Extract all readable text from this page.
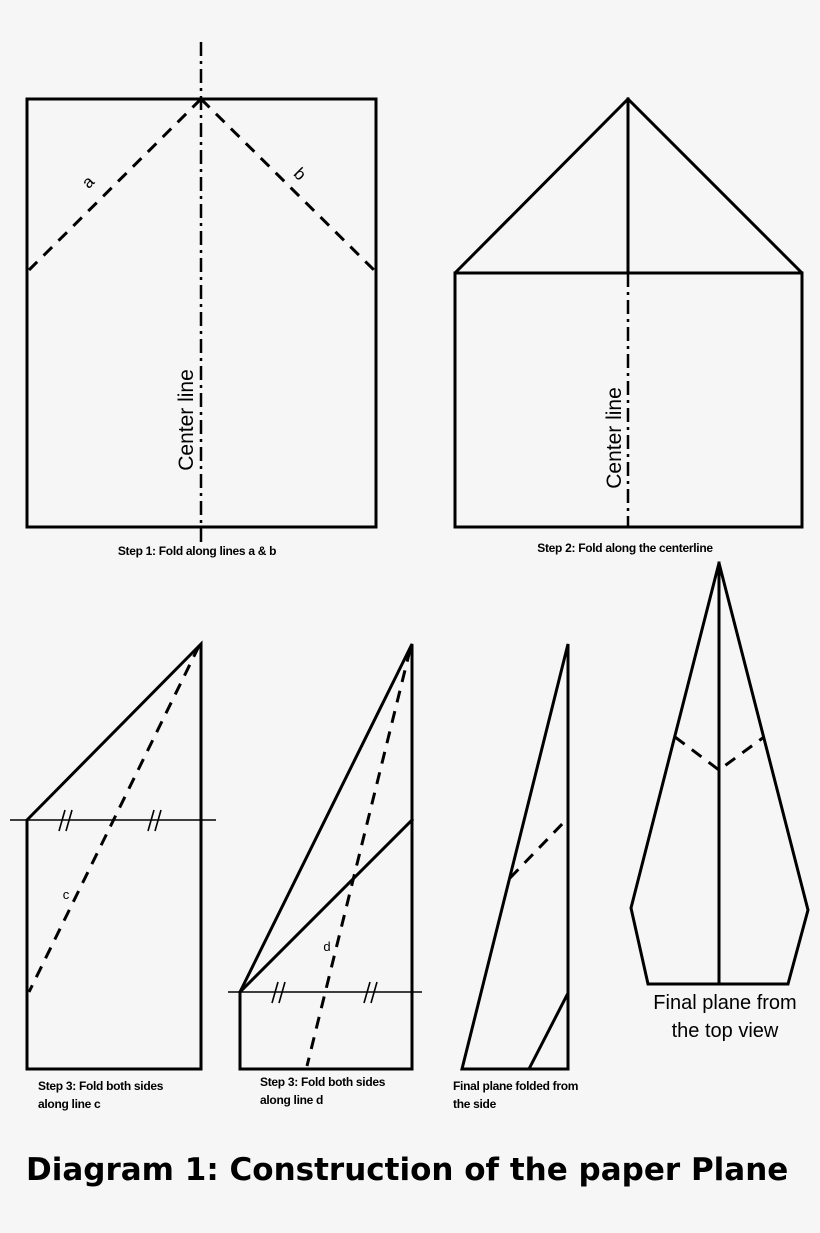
a	b
Center line
Step 1: Fold along lines a & b
Center line
Step 2: Fold along the centerline
c
Step 3: Fold both sides
along line c
d
Step 3: Fold both sides
along line d
Final plane folded from
the side
Final plane from
the top view
Diagram 1: Construction of the paper Plane
